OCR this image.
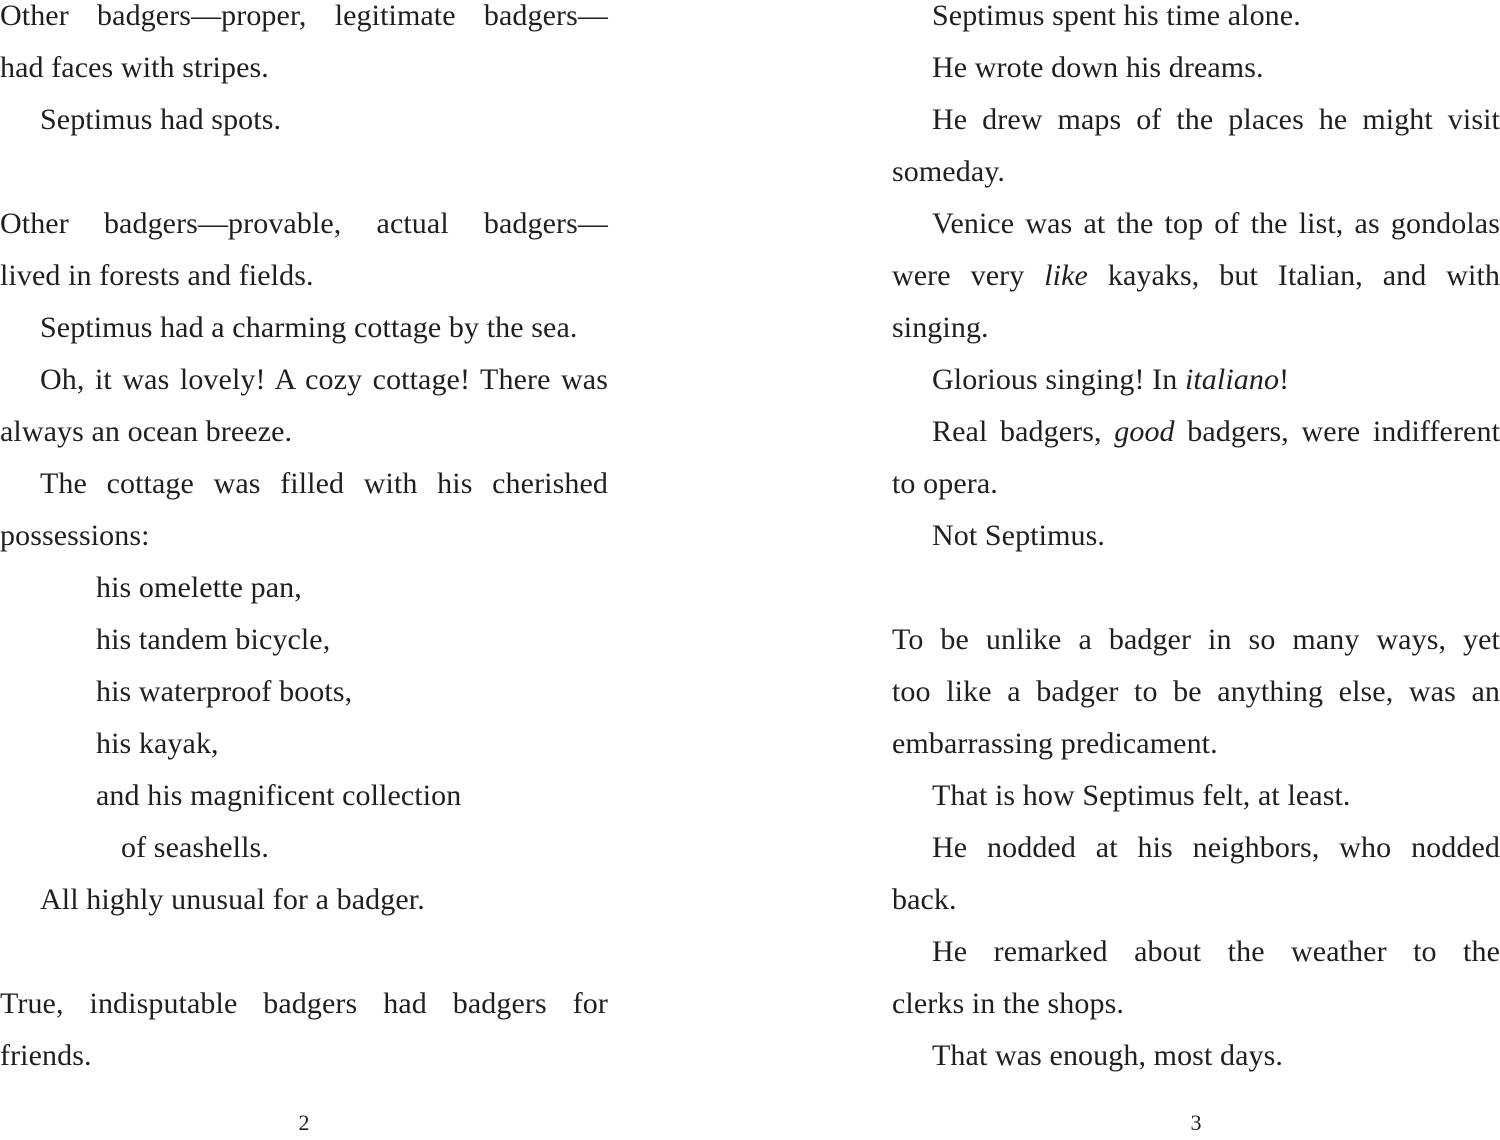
Other badgers—proper, legitimate badgers—

had faces with stripes.

Septimus had spots.

Other badgers—provable, actual badgers—

lived in forests and fields.

Septimus had a charming cottage by the sea.

Oh, it was lovely! A cozy cottage! There was

always an ocean breeze.

The cottage was filled with his cherished

possessions:

his omelette pan,

his tandem bicycle,

his waterproof boots,

his kayak,

and his magnificent collection

of seashells.

All highly unusual for a badger.

True, indisputable badgers had badgers for

friends.

Septimus spent his time alone.

He wrote down his dreams.

He drew maps of the places he might visit

someday.

Venice was at the top of the list, as gondolas

were very like kayaks, but Italian, and with

singing.

Glorious singing! In italiano!

Real badgers, good badgers, were indifferent

to opera.

Not Septimus.

To be unlike a badger in so many ways, yet

too like a badger to be anything else, was an

embarrassing predicament.

That is how Septimus felt, at least.

He nodded at his neighbors, who nodded

back.

He remarked about the weather to the

clerks in the shops.

That was enough, most days.

2	3
